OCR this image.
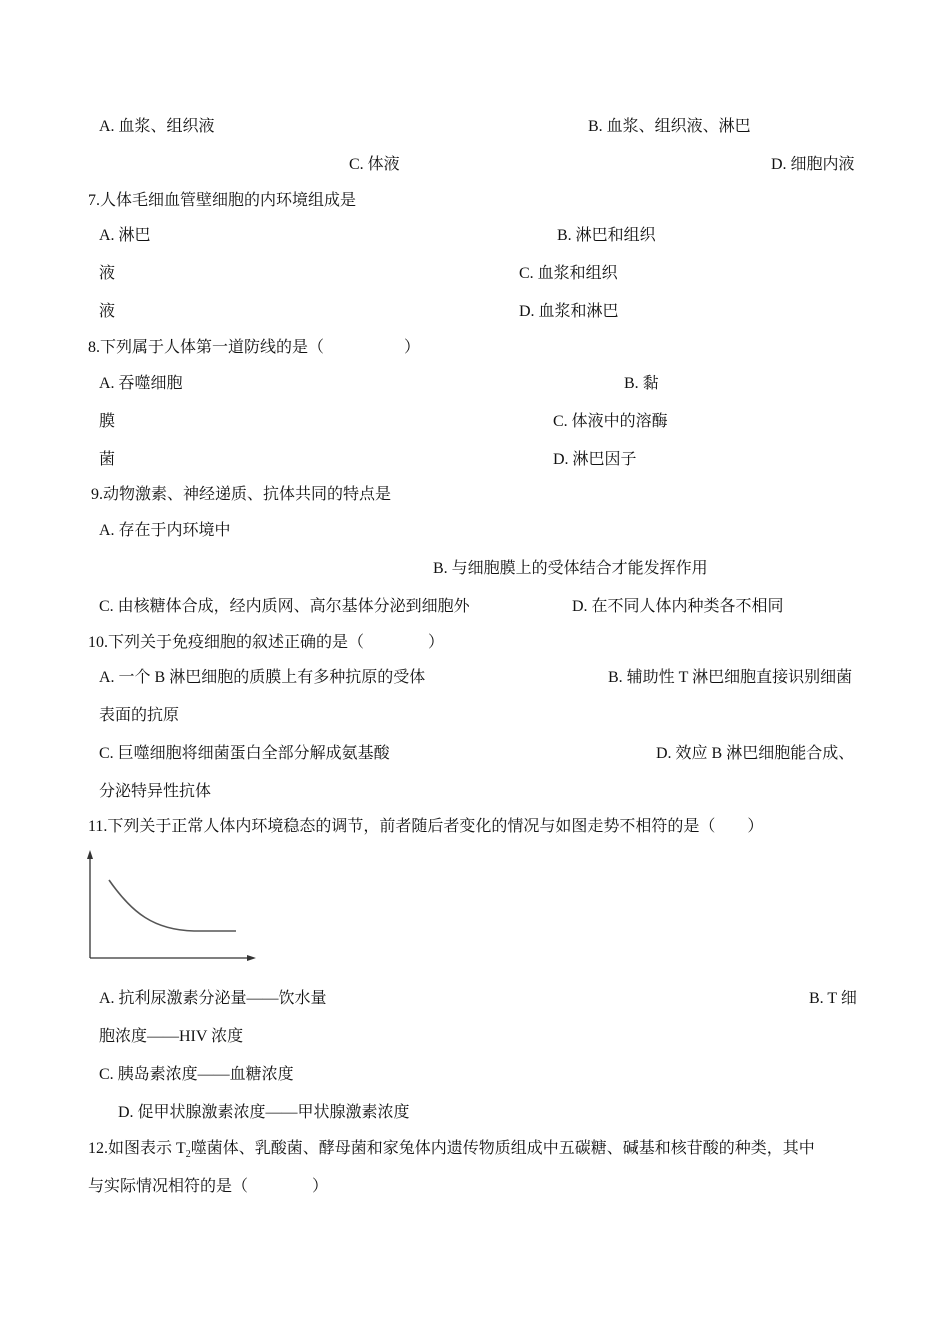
A. 血浆、组织液	B. 血浆、组织液、淋巴
C. 体液	D. 细胞内液
7.人体毛细血管壁细胞的内环境组成是
A. 淋巴	B. 淋巴和组织
液	C. 血浆和组织
液	D. 血浆和淋巴
8.下列属于人体第一道防线的是（　　　　　）
A. 吞噬细胞	B. 黏
膜	C. 体液中的溶酶
菌	D. 淋巴因子
9.动物激素、神经递质、抗体共同的特点是
A. 存在于内环境中
B. 与细胞膜上的受体结合才能发挥作用
C. 由核糖体合成，经内质网、高尔基体分泌到细胞外	D. 在不同人体内种类各不相同
10.下列关于免疫细胞的叙述正确的是（　　　　）
A. 一个 B 淋巴细胞的质膜上有多种抗原的受体	B. 辅助性 T 淋巴细胞直接识别细菌
表面的抗原
C. 巨噬细胞将细菌蛋白全部分解成氨基酸	D. 效应 B 淋巴细胞能合成、
分泌特异性抗体
11.下列关于正常人体内环境稳态的调节，前者随后者变化的情况与如图走势不相符的是（　　）
A. 抗利尿激素分泌量——饮水量	B. T 细
胞浓度——HIV 浓度
C. 胰岛素浓度——血糖浓度
D. 促甲状腺激素浓度——甲状腺激素浓度
12.如图表示 $T_2$噬菌体、乳酸菌、酵母菌和家兔体内遗传物质组成中五碳糖、碱基和核苷酸的种类，其中
与实际情况相符的是（　　　　）
